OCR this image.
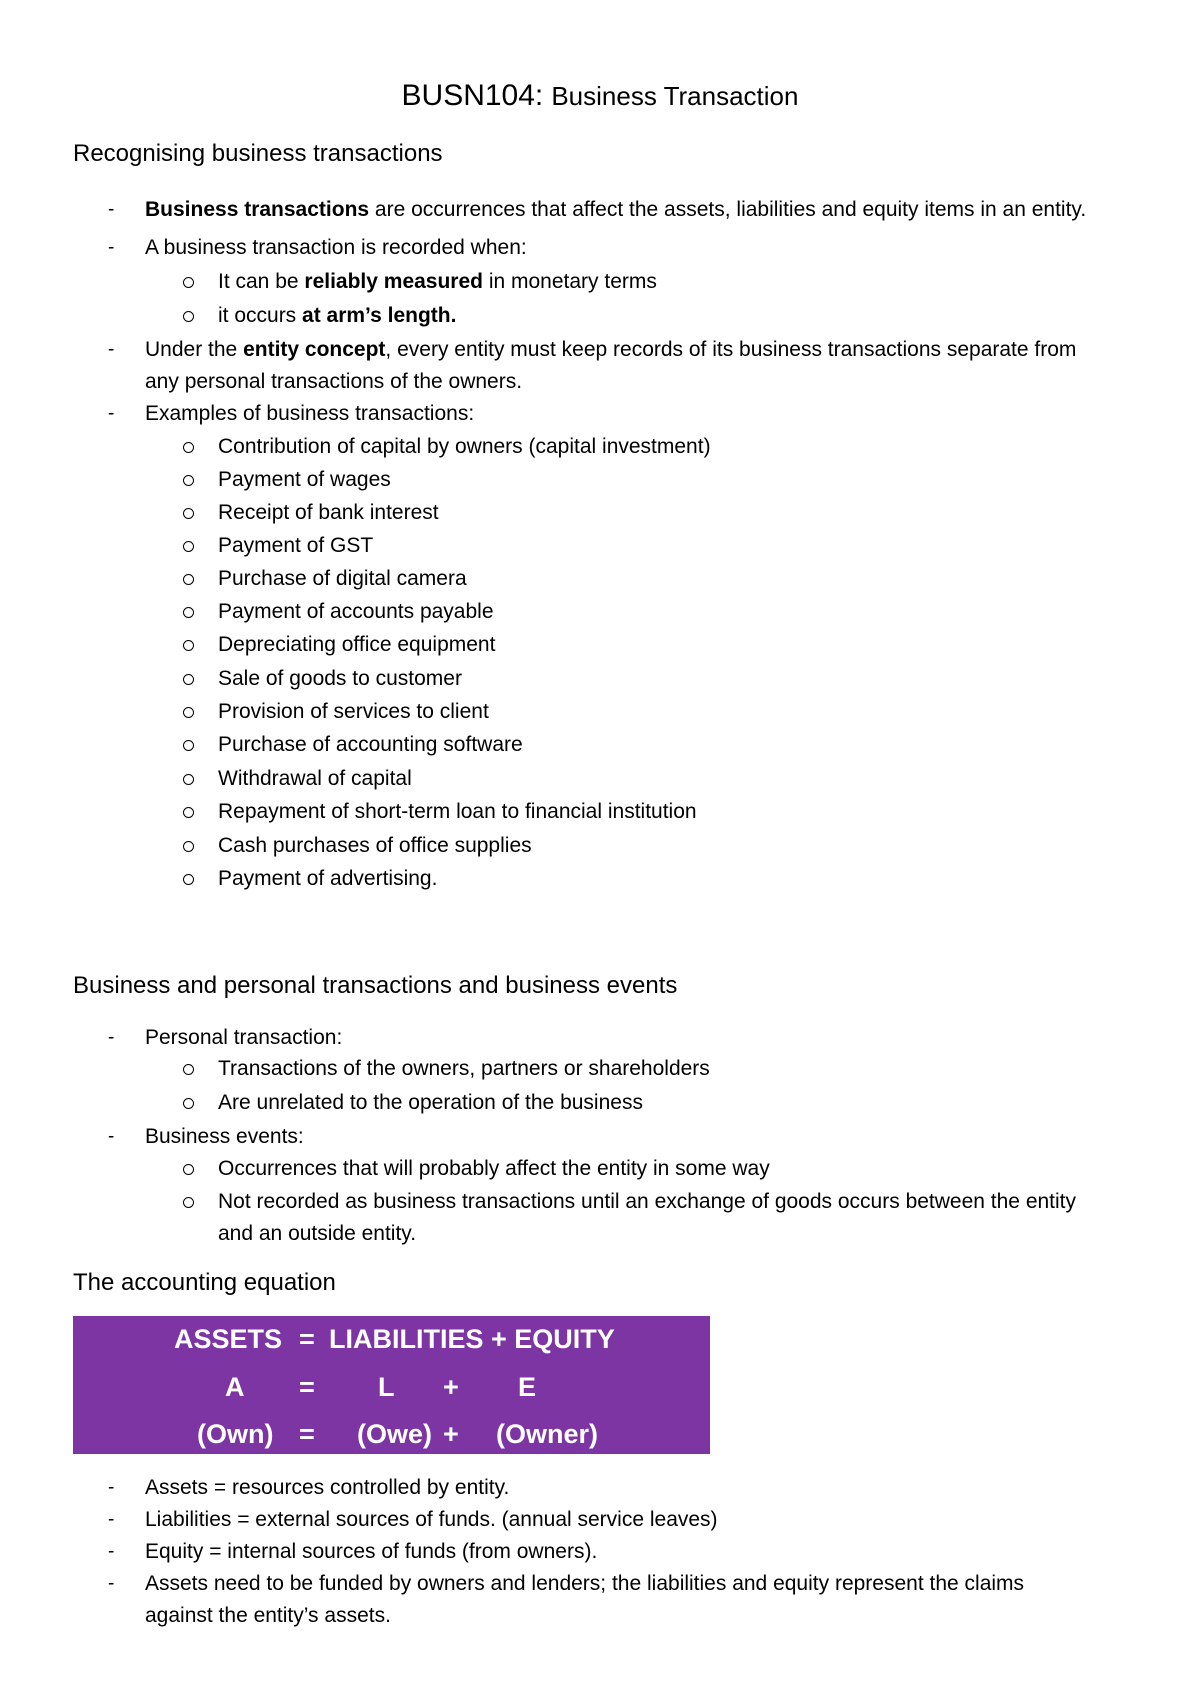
BUSN104: Business Transaction
Recognising business transactions
- Business transactions are occurrences that affect the assets, liabilities and equity items in an entity.
- A business transaction is recorded when:
It can be reliably measured in monetary terms
it occurs at arm’s length.
- Under the entity concept, every entity must keep records of its business transactions separate from
any personal transactions of the owners.
- Examples of business transactions:
Contribution of capital by owners (capital investment)
Payment of wages
Receipt of bank interest
Payment of GST
Purchase of digital camera
Payment of accounts payable
Depreciating office equipment
Sale of goods to customer
Provision of services to client
Purchase of accounting software
Withdrawal of capital
Repayment of short-term loan to financial institution
Cash purchases of office supplies
Payment of advertising.
Business and personal transactions and business events
- Personal transaction:
Transactions of the owners, partners or shareholders
Are unrelated to the operation of the business
- Business events:
Occurrences that will probably affect the entity in some way
Not recorded as business transactions until an exchange of goods occurs between the entity
and an outside entity.
The accounting equation
ASSETS = LIABILITIES + EQUITY
A = L + E
(Own) = (Owe) + (Owner)
- Assets = resources controlled by entity.
- Liabilities = external sources of funds. (annual service leaves)
- Equity = internal sources of funds (from owners).
- Assets need to be funded by owners and lenders; the liabilities and equity represent the claims
against the entity’s assets.
